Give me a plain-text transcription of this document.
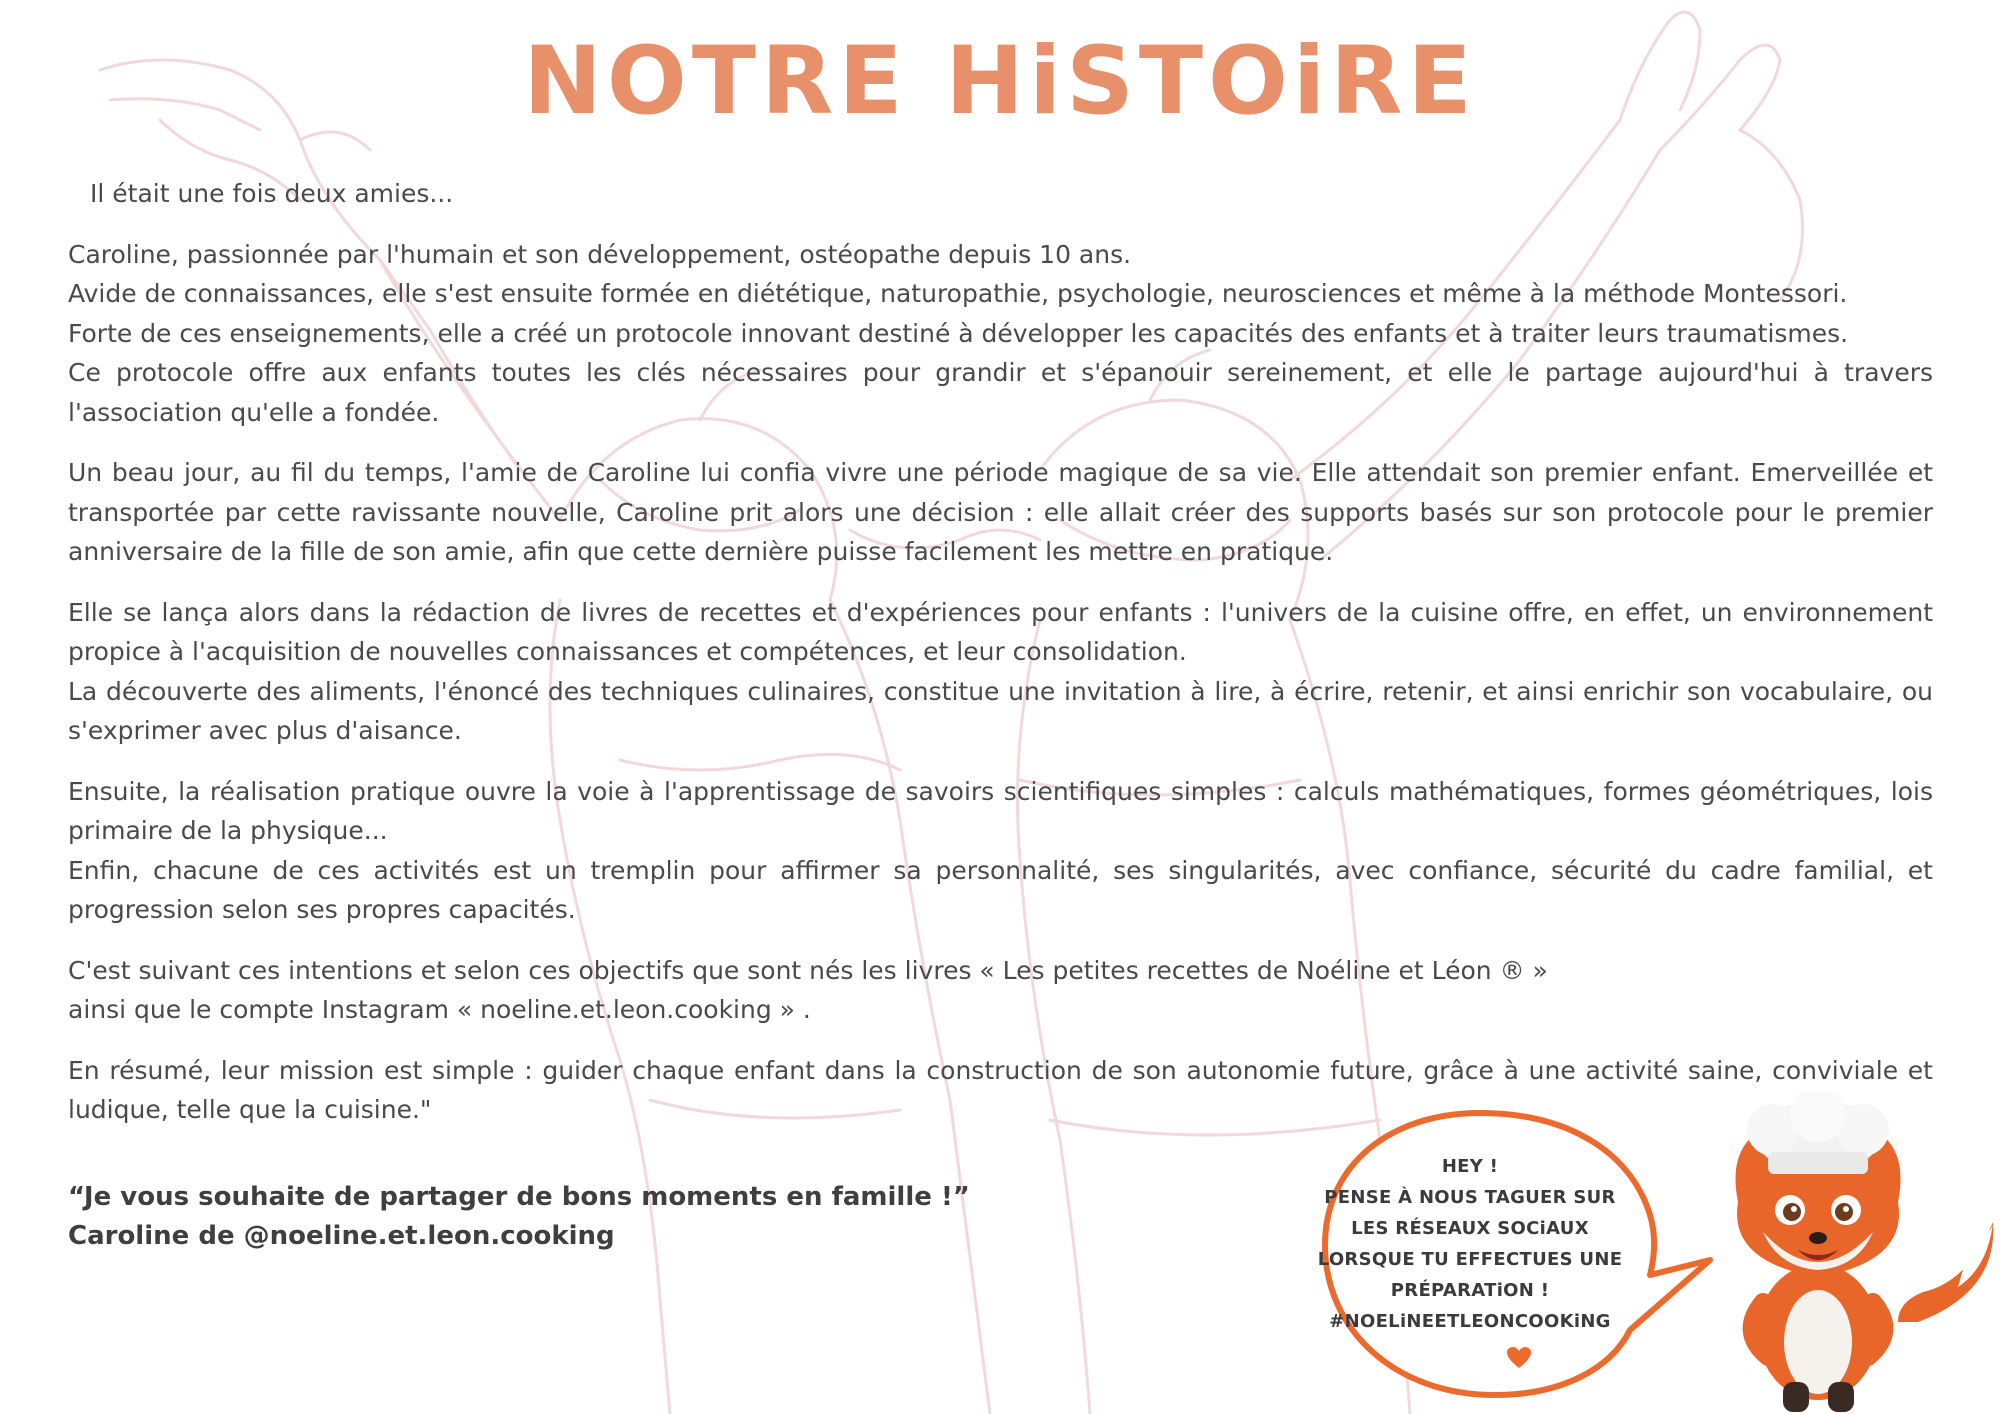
NOTRE HiSTOiRE

Il était une fois deux amies...

Caroline, passionnée par l'humain et son développement, ostéopathe depuis 10 ans.
Avide de connaissances, elle s'est ensuite formée en diététique, naturopathie, psychologie, neurosciences et même à la méthode Montessori.
Forte de ces enseignements, elle a créé un protocole innovant destiné à développer les capacités des enfants et à traiter leurs traumatismes.
Ce protocole offre aux enfants toutes les clés nécessaires pour grandir et s'épanouir sereinement, et elle le partage aujourd'hui à travers l'association qu'elle a fondée.

Un beau jour, au fil du temps, l'amie de Caroline lui confia vivre une période magique de sa vie. Elle attendait son premier enfant. Emerveillée et transportée par cette ravissante nouvelle, Caroline prit alors une décision : elle allait créer des supports basés sur son protocole pour le premier anniversaire de la fille de son amie, afin que cette dernière puisse facilement les mettre en pratique.

Elle se lança alors dans la rédaction de livres de recettes et d'expériences pour enfants : l'univers de la cuisine offre, en effet, un environnement propice à l'acquisition de nouvelles connaissances et compétences, et leur consolidation.
La découverte des aliments, l'énoncé des techniques culinaires, constitue une invitation à lire, à écrire, retenir, et ainsi enrichir son vocabulaire, ou s'exprimer avec plus d'aisance.

Ensuite, la réalisation pratique ouvre la voie à l'apprentissage de savoirs scientifiques simples : calculs mathématiques, formes géométriques, lois primaire de la physique...
Enfin, chacune de ces activités est un tremplin pour affirmer sa personnalité, ses singularités, avec confiance, sécurité du cadre familial, et progression selon ses propres capacités.

C'est suivant ces intentions et selon ces objectifs que sont nés les livres « Les petites recettes de Noéline et Léon ® »
ainsi que le compte Instagram « noeline.et.leon.cooking » .

En résumé, leur mission est simple : guider chaque enfant dans la construction de son autonomie future, grâce à une activité saine, conviviale et ludique, telle que la cuisine."

“Je vous souhaite de partager de bons moments en famille !”
Caroline de @noeline.et.leon.cooking
HEY !
PENSE À NOUS TAGUER SUR
LES RÉSEAUX SOCiAUX
LORSQUE TU EFFECTUES UNE
PRÉPARATiON !
#NOELiNEETLEONCOOKiNG
